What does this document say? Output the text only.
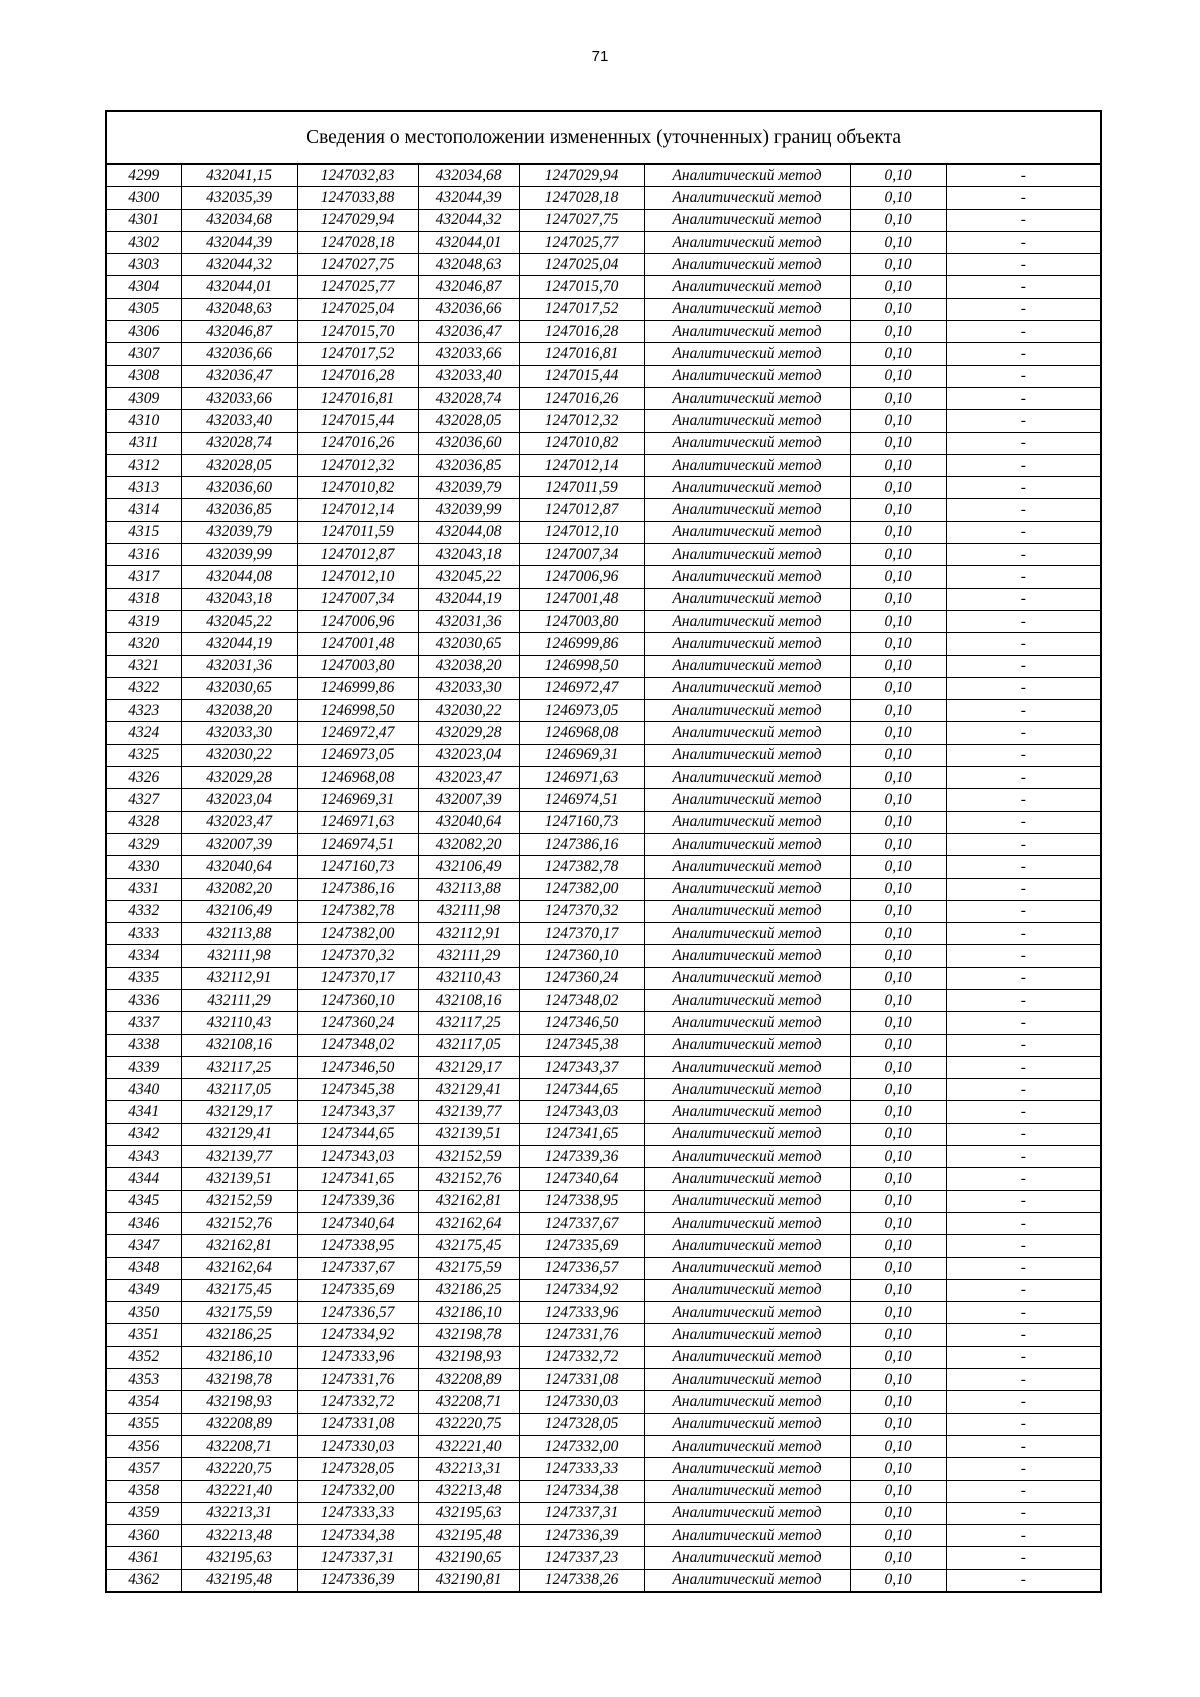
71
Сведения о местоположении измененных (уточненных) границ объекта							
4299	432041,15	1247032,83	432034,68	1247029,94	Аналитический метод	0,10	-
4300	432035,39	1247033,88	432044,39	1247028,18	Аналитический метод	0,10	-
4301	432034,68	1247029,94	432044,32	1247027,75	Аналитический метод	0,10	-
4302	432044,39	1247028,18	432044,01	1247025,77	Аналитический метод	0,10	-
4303	432044,32	1247027,75	432048,63	1247025,04	Аналитический метод	0,10	-
4304	432044,01	1247025,77	432046,87	1247015,70	Аналитический метод	0,10	-
4305	432048,63	1247025,04	432036,66	1247017,52	Аналитический метод	0,10	-
4306	432046,87	1247015,70	432036,47	1247016,28	Аналитический метод	0,10	-
4307	432036,66	1247017,52	432033,66	1247016,81	Аналитический метод	0,10	-
4308	432036,47	1247016,28	432033,40	1247015,44	Аналитический метод	0,10	-
4309	432033,66	1247016,81	432028,74	1247016,26	Аналитический метод	0,10	-
4310	432033,40	1247015,44	432028,05	1247012,32	Аналитический метод	0,10	-
4311	432028,74	1247016,26	432036,60	1247010,82	Аналитический метод	0,10	-
4312	432028,05	1247012,32	432036,85	1247012,14	Аналитический метод	0,10	-
4313	432036,60	1247010,82	432039,79	1247011,59	Аналитический метод	0,10	-
4314	432036,85	1247012,14	432039,99	1247012,87	Аналитический метод	0,10	-
4315	432039,79	1247011,59	432044,08	1247012,10	Аналитический метод	0,10	-
4316	432039,99	1247012,87	432043,18	1247007,34	Аналитический метод	0,10	-
4317	432044,08	1247012,10	432045,22	1247006,96	Аналитический метод	0,10	-
4318	432043,18	1247007,34	432044,19	1247001,48	Аналитический метод	0,10	-
4319	432045,22	1247006,96	432031,36	1247003,80	Аналитический метод	0,10	-
4320	432044,19	1247001,48	432030,65	1246999,86	Аналитический метод	0,10	-
4321	432031,36	1247003,80	432038,20	1246998,50	Аналитический метод	0,10	-
4322	432030,65	1246999,86	432033,30	1246972,47	Аналитический метод	0,10	-
4323	432038,20	1246998,50	432030,22	1246973,05	Аналитический метод	0,10	-
4324	432033,30	1246972,47	432029,28	1246968,08	Аналитический метод	0,10	-
4325	432030,22	1246973,05	432023,04	1246969,31	Аналитический метод	0,10	-
4326	432029,28	1246968,08	432023,47	1246971,63	Аналитический метод	0,10	-
4327	432023,04	1246969,31	432007,39	1246974,51	Аналитический метод	0,10	-
4328	432023,47	1246971,63	432040,64	1247160,73	Аналитический метод	0,10	-
4329	432007,39	1246974,51	432082,20	1247386,16	Аналитический метод	0,10	-
4330	432040,64	1247160,73	432106,49	1247382,78	Аналитический метод	0,10	-
4331	432082,20	1247386,16	432113,88	1247382,00	Аналитический метод	0,10	-
4332	432106,49	1247382,78	432111,98	1247370,32	Аналитический метод	0,10	-
4333	432113,88	1247382,00	432112,91	1247370,17	Аналитический метод	0,10	-
4334	432111,98	1247370,32	432111,29	1247360,10	Аналитический метод	0,10	-
4335	432112,91	1247370,17	432110,43	1247360,24	Аналитический метод	0,10	-
4336	432111,29	1247360,10	432108,16	1247348,02	Аналитический метод	0,10	-
4337	432110,43	1247360,24	432117,25	1247346,50	Аналитический метод	0,10	-
4338	432108,16	1247348,02	432117,05	1247345,38	Аналитический метод	0,10	-
4339	432117,25	1247346,50	432129,17	1247343,37	Аналитический метод	0,10	-
4340	432117,05	1247345,38	432129,41	1247344,65	Аналитический метод	0,10	-
4341	432129,17	1247343,37	432139,77	1247343,03	Аналитический метод	0,10	-
4342	432129,41	1247344,65	432139,51	1247341,65	Аналитический метод	0,10	-
4343	432139,77	1247343,03	432152,59	1247339,36	Аналитический метод	0,10	-
4344	432139,51	1247341,65	432152,76	1247340,64	Аналитический метод	0,10	-
4345	432152,59	1247339,36	432162,81	1247338,95	Аналитический метод	0,10	-
4346	432152,76	1247340,64	432162,64	1247337,67	Аналитический метод	0,10	-
4347	432162,81	1247338,95	432175,45	1247335,69	Аналитический метод	0,10	-
4348	432162,64	1247337,67	432175,59	1247336,57	Аналитический метод	0,10	-
4349	432175,45	1247335,69	432186,25	1247334,92	Аналитический метод	0,10	-
4350	432175,59	1247336,57	432186,10	1247333,96	Аналитический метод	0,10	-
4351	432186,25	1247334,92	432198,78	1247331,76	Аналитический метод	0,10	-
4352	432186,10	1247333,96	432198,93	1247332,72	Аналитический метод	0,10	-
4353	432198,78	1247331,76	432208,89	1247331,08	Аналитический метод	0,10	-
4354	432198,93	1247332,72	432208,71	1247330,03	Аналитический метод	0,10	-
4355	432208,89	1247331,08	432220,75	1247328,05	Аналитический метод	0,10	-
4356	432208,71	1247330,03	432221,40	1247332,00	Аналитический метод	0,10	-
4357	432220,75	1247328,05	432213,31	1247333,33	Аналитический метод	0,10	-
4358	432221,40	1247332,00	432213,48	1247334,38	Аналитический метод	0,10	-
4359	432213,31	1247333,33	432195,63	1247337,31	Аналитический метод	0,10	-
4360	432213,48	1247334,38	432195,48	1247336,39	Аналитический метод	0,10	-
4361	432195,63	1247337,31	432190,65	1247337,23	Аналитический метод	0,10	-
4362	432195,48	1247336,39	432190,81	1247338,26	Аналитический метод	0,10	-
